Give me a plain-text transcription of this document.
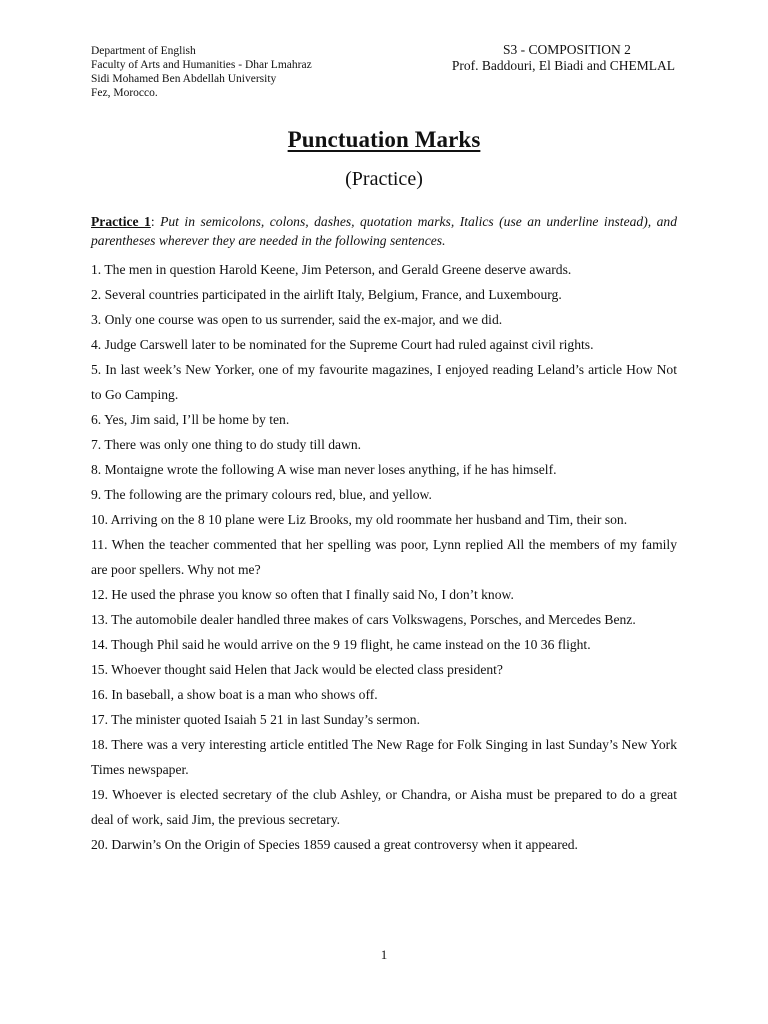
Department of English
Faculty of Arts and Humanities - Dhar Lmahraz
Sidi Mohamed Ben Abdellah University
Fez, Morocco.
S3 - COMPOSITION 2
Prof. Baddouri, El Biadi and CHEMLAL
Punctuation Marks
(Practice)
Practice 1: Put in semicolons, colons, dashes, quotation marks, Italics (use an underline instead), and parentheses wherever they are needed in the following sentences.

1. The men in question Harold Keene, Jim Peterson, and Gerald Greene deserve awards.

2. Several countries participated in the airlift Italy, Belgium, France, and Luxembourg.

3. Only one course was open to us surrender, said the ex-major, and we did.

4. Judge Carswell later to be nominated for the Supreme Court had ruled against civil rights.

5. In last week’s New Yorker, one of my favourite magazines, I enjoyed reading Leland’s article How Not to Go Camping.

6. Yes, Jim said, I’ll be home by ten.

7. There was only one thing to do study till dawn.

8. Montaigne wrote the following A wise man never loses anything, if he has himself.

9. The following are the primary colours red, blue, and yellow.

10. Arriving on the 8 10 plane were Liz Brooks, my old roommate her husband and Tim, their son.

11. When the teacher commented that her spelling was poor, Lynn replied All the members of my family are poor spellers. Why not me?

12. He used the phrase you know so often that I finally said No, I don’t know.

13. The automobile dealer handled three makes of cars Volkswagens, Porsches, and Mercedes Benz.

14. Though Phil said he would arrive on the 9 19 flight, he came instead on the 10 36 flight.

15. Whoever thought said Helen that Jack would be elected class president?

16. In baseball, a show boat is a man who shows off.

17. The minister quoted Isaiah 5 21 in last Sunday’s sermon.

18. There was a very interesting article entitled The New Rage for Folk Singing in last Sunday’s New York Times newspaper.

19. Whoever is elected secretary of the club Ashley, or Chandra, or Aisha must be prepared to do a great deal of work, said Jim, the previous secretary.

20. Darwin’s On the Origin of Species 1859 caused a great controversy when it appeared.

1
